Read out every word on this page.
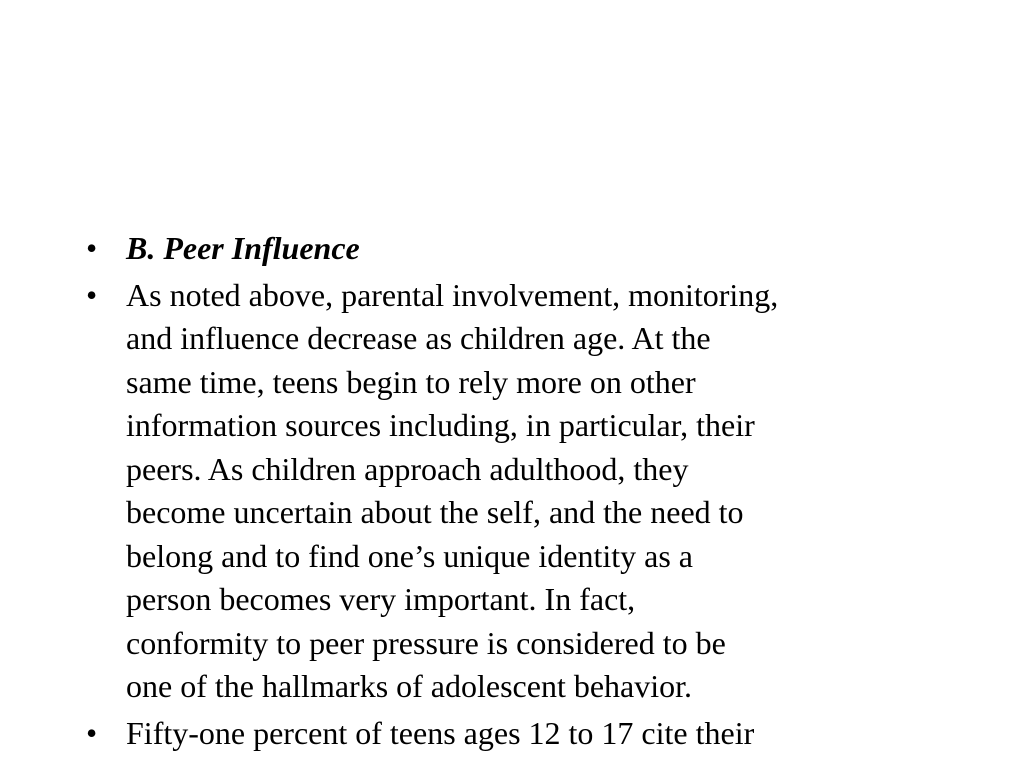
• B. Peer Influence
• As noted above, parental involvement, monitoring,
and influence decrease as children age. At the
same time, teens begin to rely more on other
information sources including, in particular, their
peers. As children approach adulthood, they
become uncertain about the self, and the need to
belong and to find one’s unique identity as a
person becomes very important. In fact,
conformity to peer pressure is considered to be
one of the hallmarks of adolescent behavior.
• Fifty-one percent of teens ages 12 to 17 cite their
